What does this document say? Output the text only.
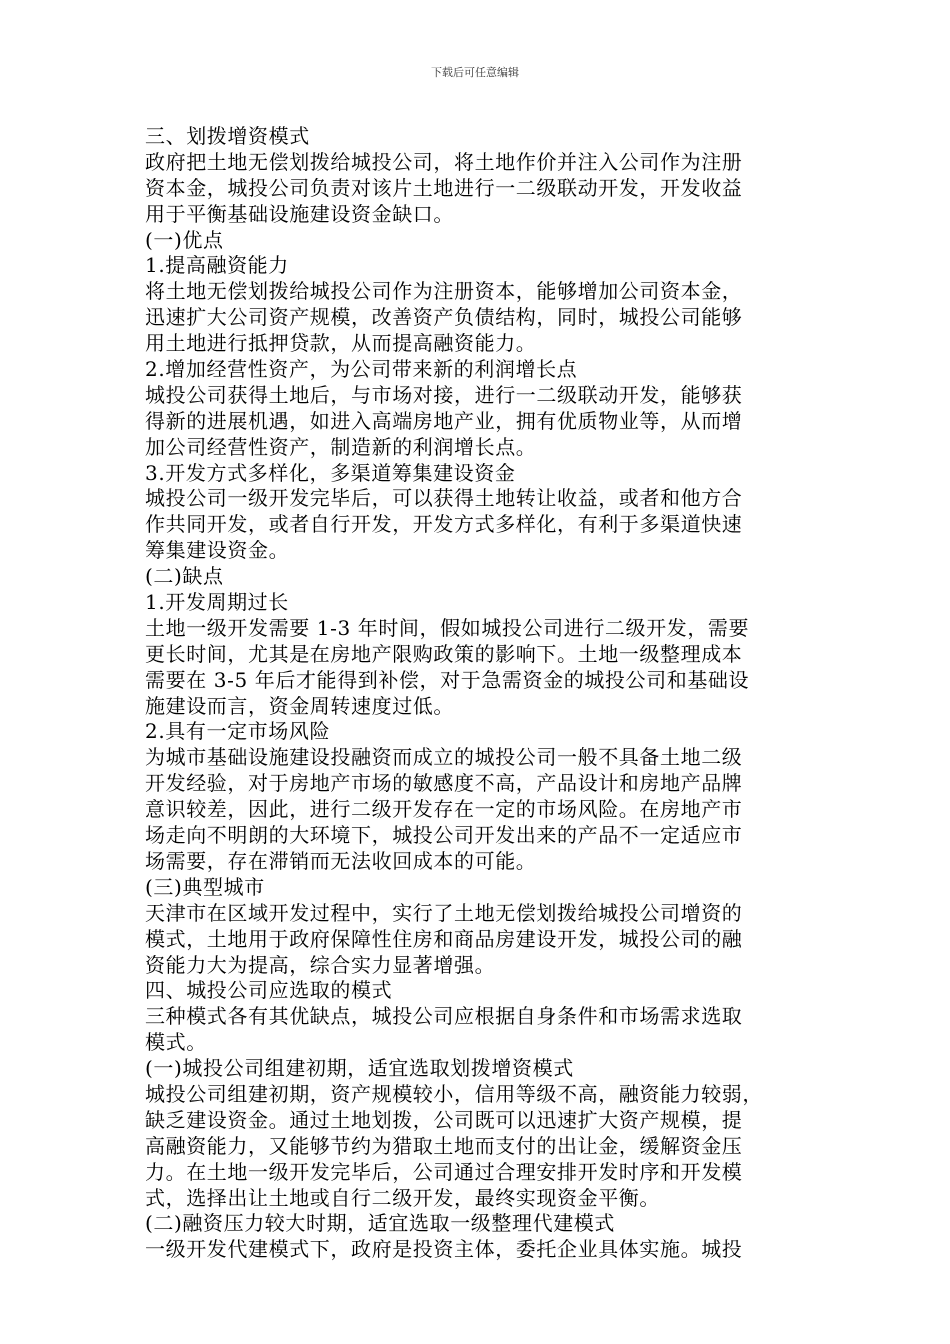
下载后可任意编辑
三、划拨增资模式
政府把土地无偿划拨给城投公司，将土地作价并注入公司作为注册
资本金，城投公司负责对该片土地进行一二级联动开发，开发收益
用于平衡基础设施建设资金缺口。
(一)优点
1.提高融资能力
将土地无偿划拨给城投公司作为注册资本，能够增加公司资本金，
迅速扩大公司资产规模，改善资产负债结构，同时，城投公司能够
用土地进行抵押贷款，从而提高融资能力。
2.增加经营性资产，为公司带来新的利润增长点
城投公司获得土地后，与市场对接，进行一二级联动开发，能够获
得新的进展机遇，如进入高端房地产业，拥有优质物业等，从而增
加公司经营性资产，制造新的利润增长点。
3.开发方式多样化，多渠道筹集建设资金
城投公司一级开发完毕后，可以获得土地转让收益，或者和他方合
作共同开发，或者自行开发，开发方式多样化，有利于多渠道快速
筹集建设资金。
(二)缺点
1.开发周期过长
土地一级开发需要 1-3 年时间，假如城投公司进行二级开发，需要
更长时间，尤其是在房地产限购政策的影响下。土地一级整理成本
需要在 3-5 年后才能得到补偿，对于急需资金的城投公司和基础设
施建设而言，资金周转速度过低。
2.具有一定市场风险
为城市基础设施建设投融资而成立的城投公司一般不具备土地二级
开发经验，对于房地产市场的敏感度不高，产品设计和房地产品牌
意识较差，因此，进行二级开发存在一定的市场风险。在房地产市
场走向不明朗的大环境下，城投公司开发出来的产品不一定适应市
场需要，存在滞销而无法收回成本的可能。
(三)典型城市
天津市在区域开发过程中，实行了土地无偿划拨给城投公司增资的
模式，土地用于政府保障性住房和商品房建设开发，城投公司的融
资能力大为提高，综合实力显著增强。
四、城投公司应选取的模式
三种模式各有其优缺点，城投公司应根据自身条件和市场需求选取
模式。
(一)城投公司组建初期，适宜选取划拨增资模式
城投公司组建初期，资产规模较小，信用等级不高，融资能力较弱，
缺乏建设资金。通过土地划拨，公司既可以迅速扩大资产规模，提
高融资能力，又能够节约为猎取土地而支付的出让金，缓解资金压
力。在土地一级开发完毕后，公司通过合理安排开发时序和开发模
式，选择出让土地或自行二级开发，最终实现资金平衡。
(二)融资压力较大时期，适宜选取一级整理代建模式
一级开发代建模式下，政府是投资主体，委托企业具体实施。城投
